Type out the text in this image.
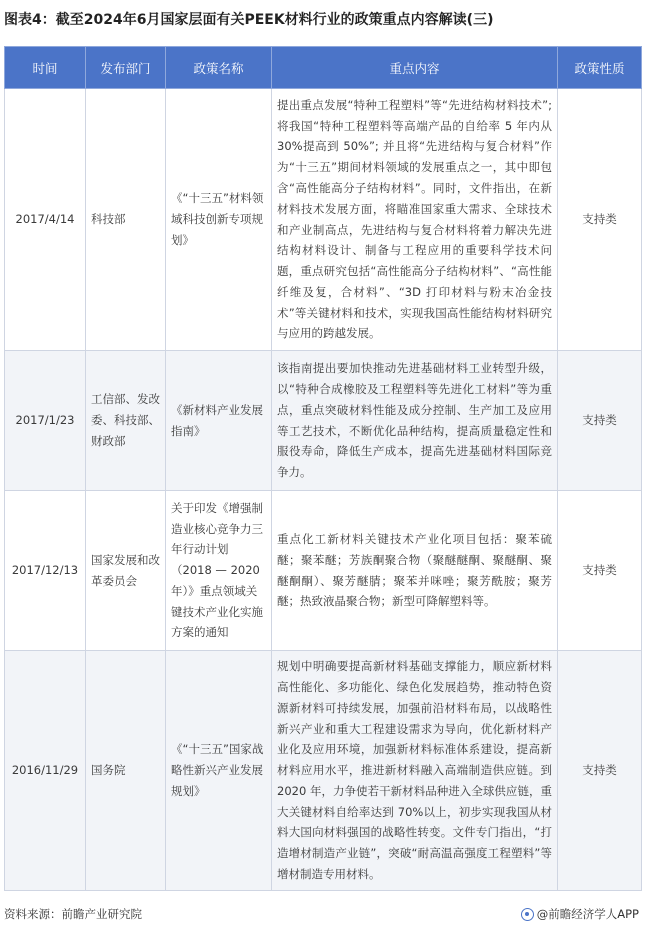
图表4：截至2024年6月国家层面有关PEEK材料行业的政策重点内容解读(三)
时间	发布部门	政策名称	重点内容	政策性质
2017/4/14	科技部	《“十三五”材料领域科技创新专项规划》	提出重点发展“特种工程塑料”等“先进结构材料技术”;将我国“特种工程塑料等高端产品的自给率 5 年内从 30%提高到 50%”; 并且将“先进结构与复合材料”作为“十三五”期间材料领域的发展重点之一，其中即包含“高性能高分子结构材料”。同时，文件指出，在新材料技术发展方面，将瞄准国家重大需求、全球技术和产业制高点，先进结构与复合材料将着力解决先进结构材料设计、制备与工程应用的重要科学技术问题，重点研究包括“高性能高分子结构材料”、“高性能纤维及复，合材料”、“3D 打印材料与粉末冶金技术”等关键材料和技术，实现我国高性能结构材料研究与应用的跨越发展。	支持类
2017/1/23	工信部、发改委、科技部、财政部	《新材料产业发展指南》	该指南提出要加快推动先进基础材料工业转型升级，以“特种合成橡胶及工程塑料等先进化工材料”等为重点，重点突破材料性能及成分控制、生产加工及应用等工艺技术，不断优化品种结构，提高质量稳定性和服役寿命，降低生产成本，提高先进基础材料国际竞争力。	支持类
2017/12/13	国家发展和改革委员会	关于印发《增强制造业核心竞争力三年行动计划（2018 — 2020 年）》重点领域关键技术产业化实施方案的通知	重点化工新材料关键技术产业化项目包括：聚苯硫醚；聚苯醚；芳族酮聚合物（聚醚醚酮、聚醚酮、聚醚酮酮）、聚芳醚腈；聚苯并咪唑；聚芳酰胺；聚芳醚；热致液晶聚合物；新型可降解塑料等。	支持类
2016/11/29	国务院	《“十三五”国家战略性新兴产业发展规划》	规划中明确要提高新材料基础支撑能力，顺应新材料高性能化、多功能化、绿色化发展趋势，推动特色资源新材料可持续发展，加强前沿材料布局，以战略性新兴产业和重大工程建设需求为导向，优化新材料产业化及应用环境，加强新材料标准体系建设，提高新材料应用水平，推进新材料融入高端制造供应链。到 2020 年，力争使若干新材料品种进入全球供应链，重大关键材料自给率达到 70%以上，初步实现我国从材料大国向材料强国的战略性转变。文件专门指出，“打造增材制造产业链”，突破“耐高温高强度工程塑料”等增材制造专用材料。	支持类
资料来源：前瞻产业研究院	@前瞻经济学人APP
